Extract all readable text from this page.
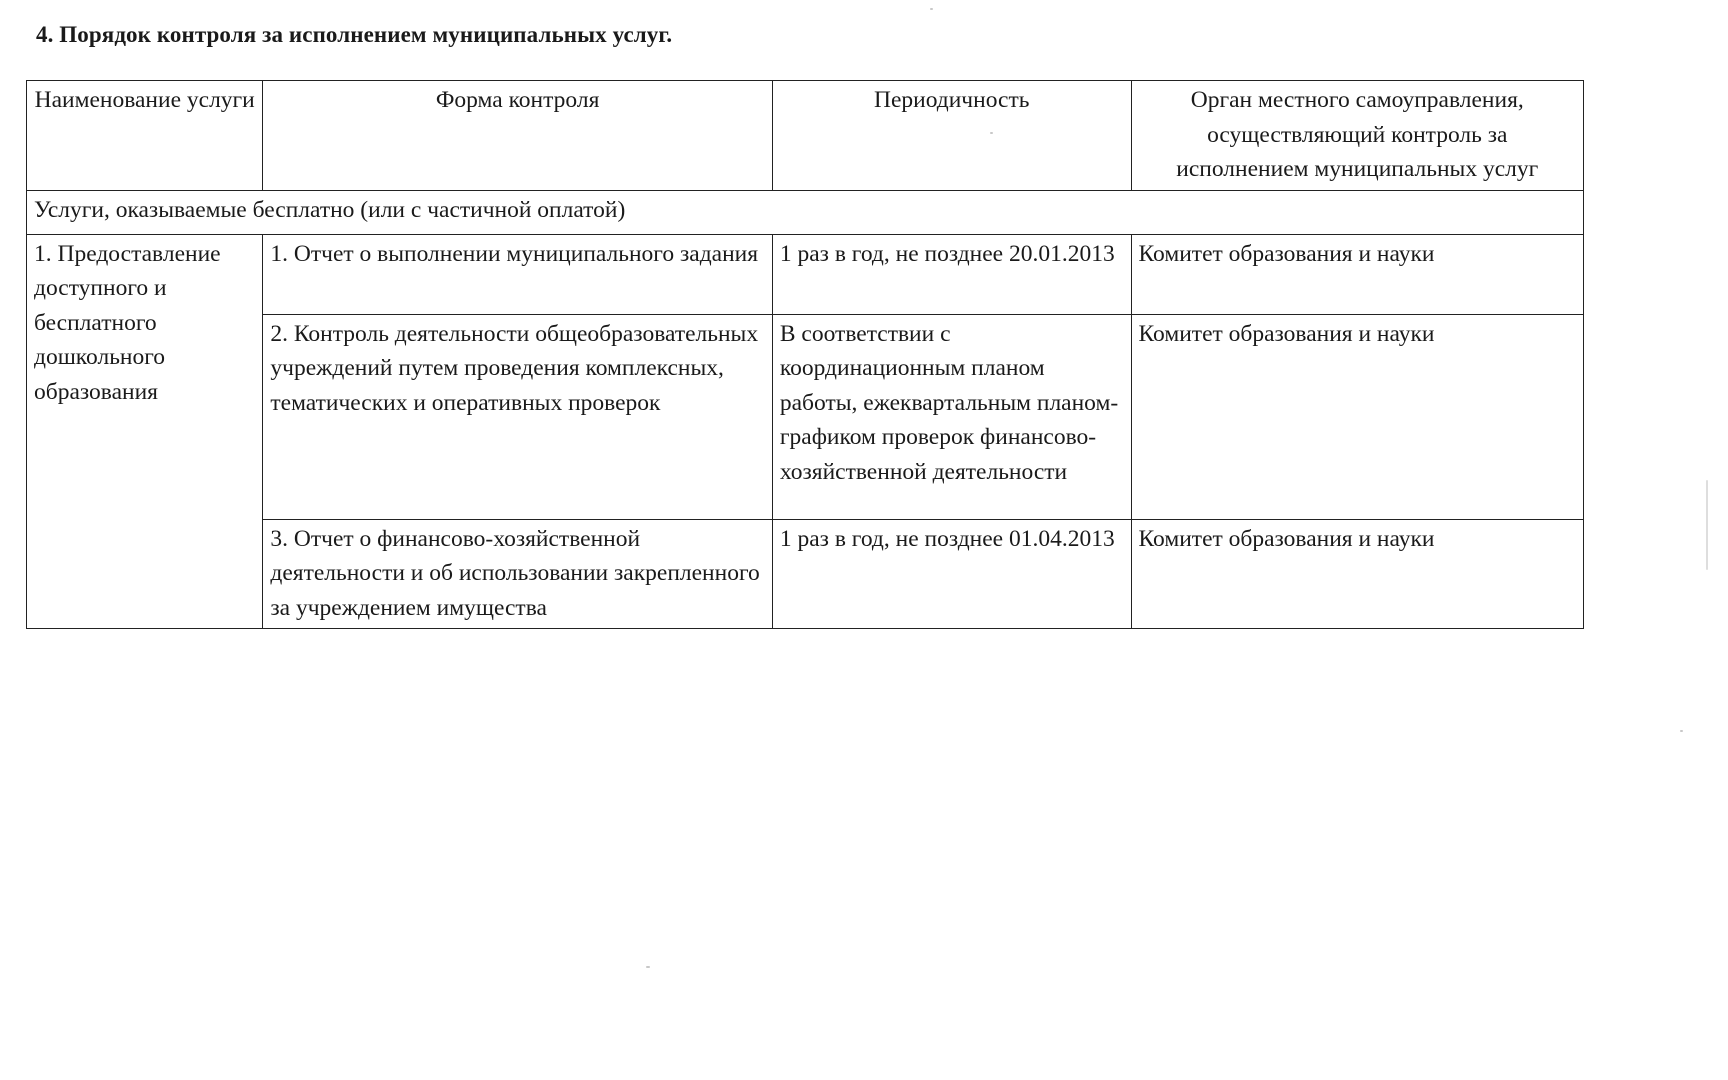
4. Порядок контроля за исполнением муниципальных услуг.
Наименование услуги	Форма контроля	Периодичность	Орган местного самоуправления, осуществляющий контроль за исполнением муниципальных услуг
Услуги, оказываемые бесплатно (или с частичной оплатой)			
1. Предоставление доступного и бесплатного дошкольного образования	1. Отчет о выполнении муниципального задания	1 раз в год, не позднее 20.01.2013	Комитет образования и науки
	2. Контроль деятельности общеобразовательных учреждений путем проведения комплексных, тематических и оперативных проверок	В соответствии с координационным планом работы, ежеквартальным планом-графиком проверок финансово-хозяйственной деятельности	Комитет образования и науки
	3. Отчет о финансово-хозяйственной деятельности и об использовании закрепленного за учреждением имущества	1 раз в год, не позднее 01.04.2013	Комитет образования и науки
